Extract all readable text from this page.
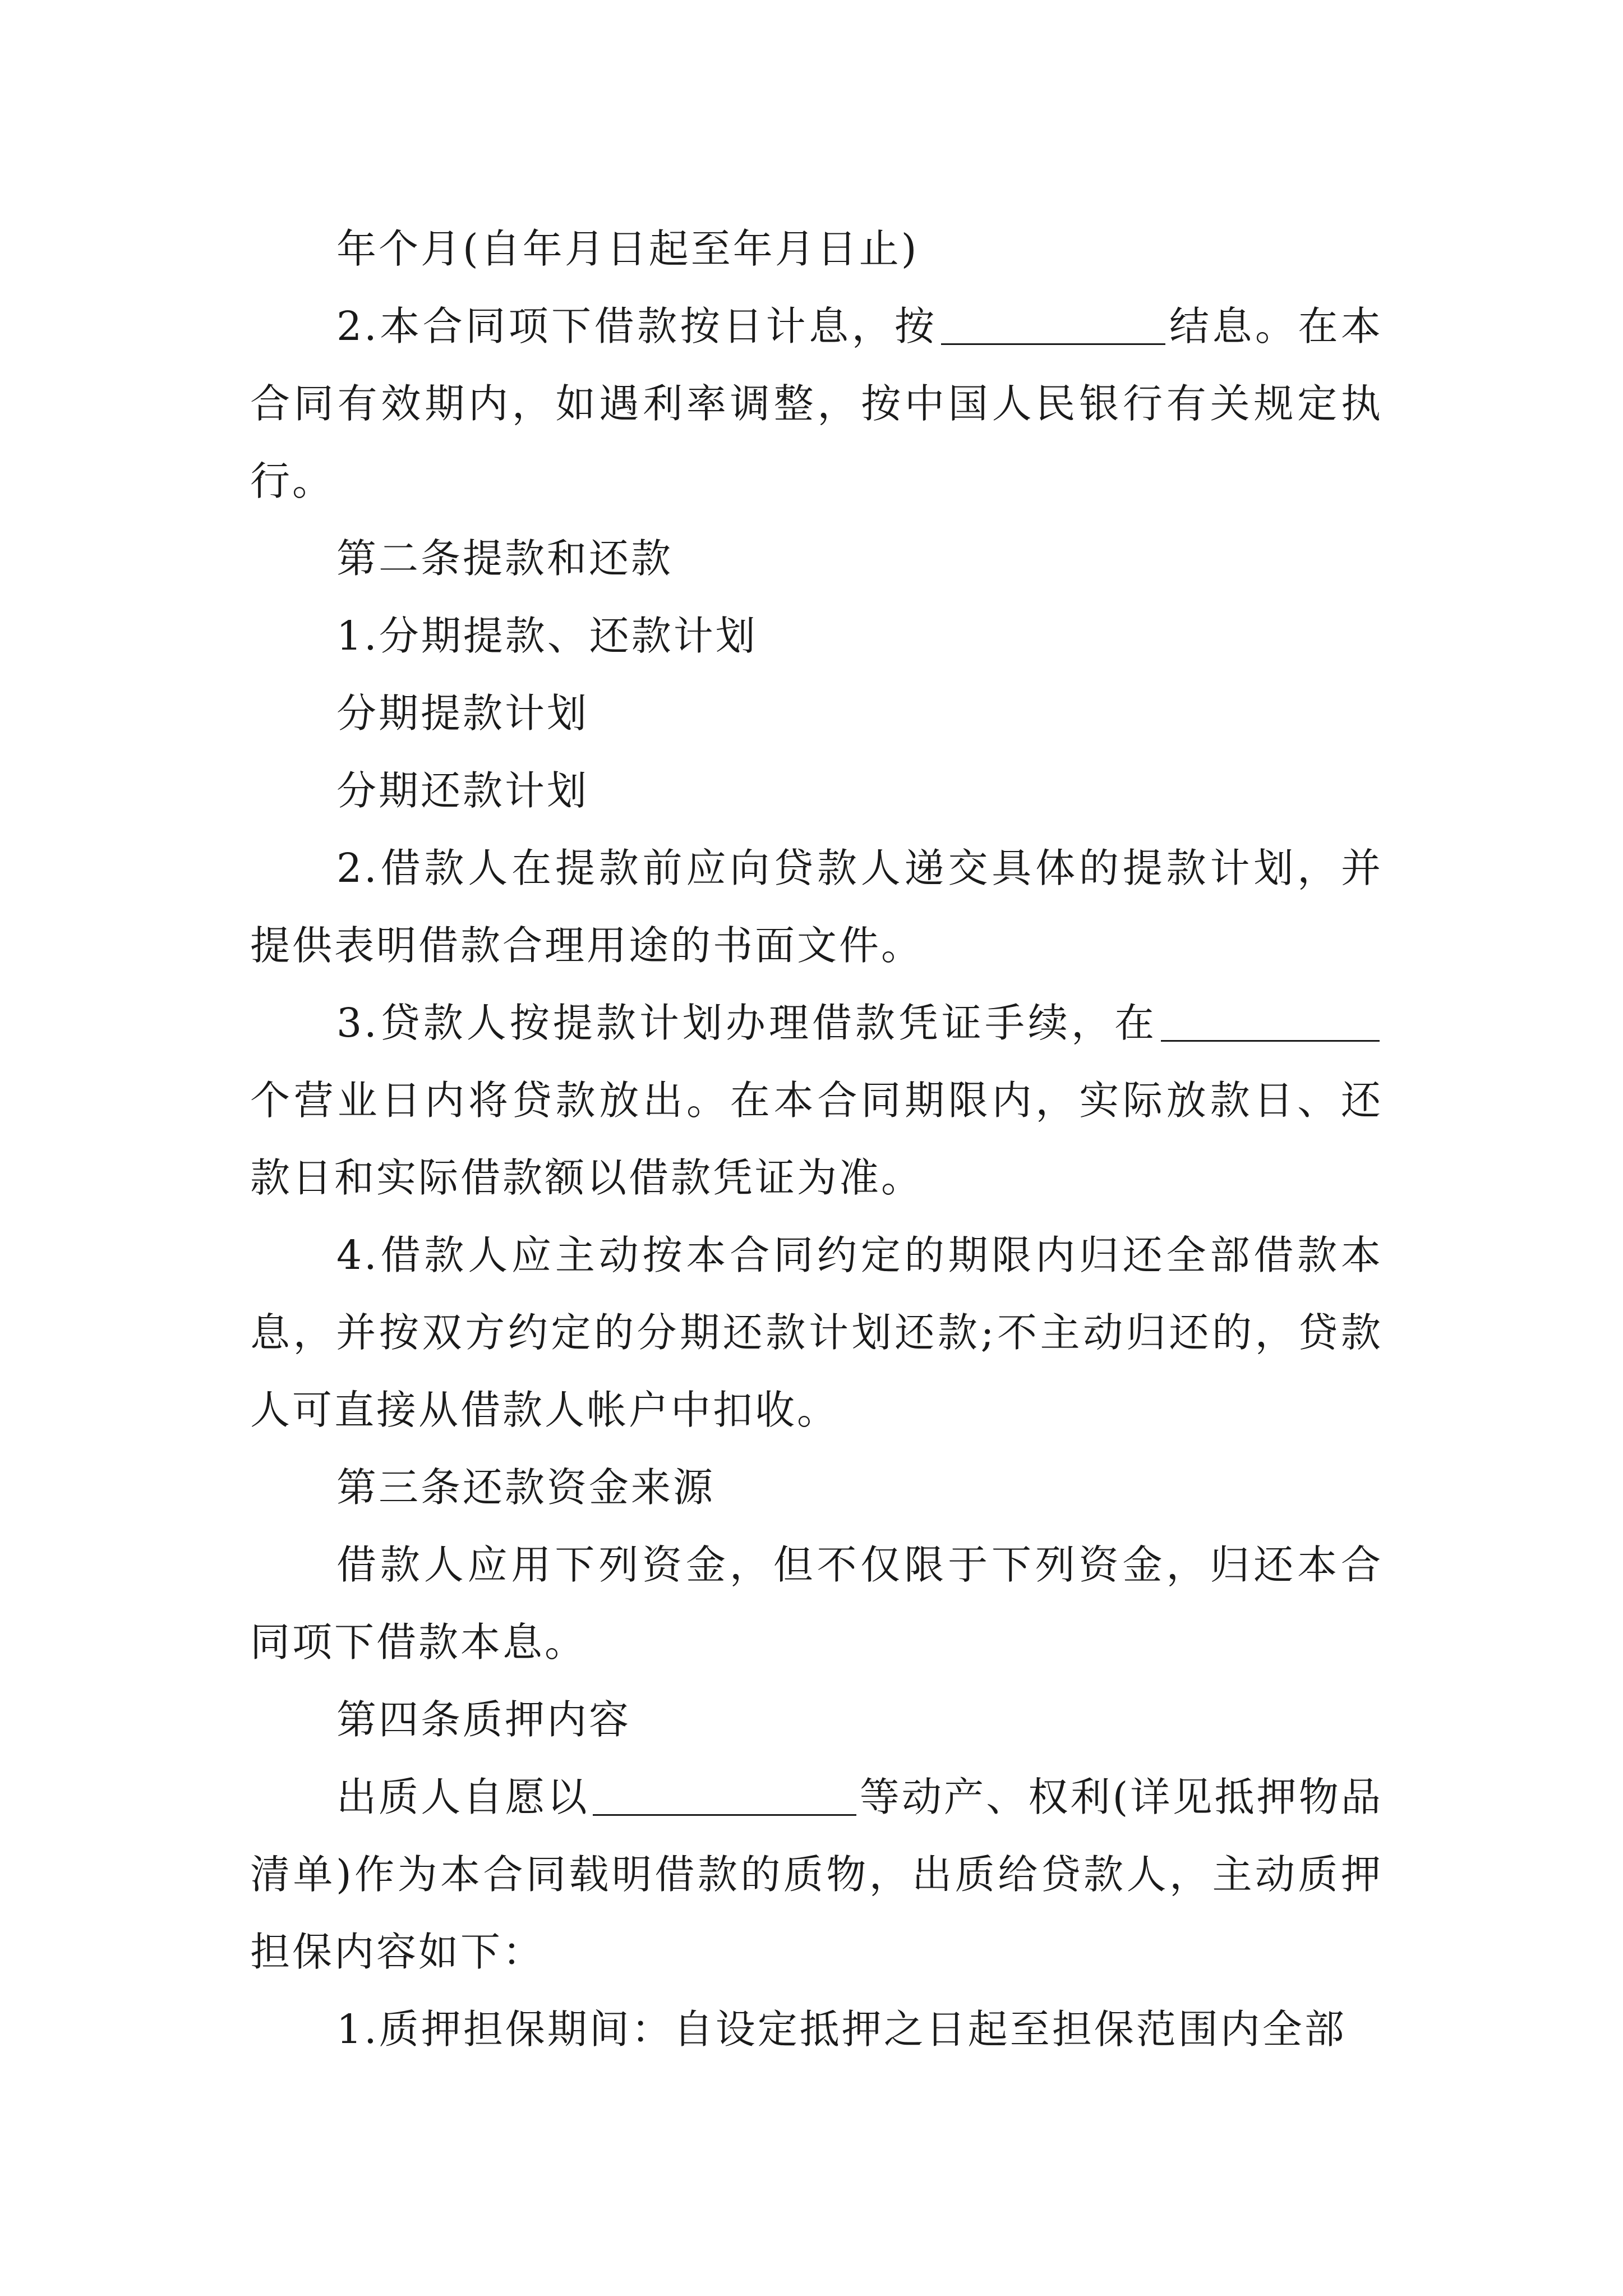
年个月(自年月日起至年月日止)

2.本合同项下借款按日计息，按	结息。在本合同有效期内，如遇利率调整，按中国人民银行有关规定执行。

第二条提款和还款

1.分期提款、还款计划

分期提款计划

分期还款计划

2.借款人在提款前应向贷款人递交具体的提款计划，并提供表明借款合理用途的书面文件。

3.贷款人按提款计划办理借款凭证手续，在个营业日内将贷款放出。在本合同期限内，实际放款日、还款日和实际借款额以借款凭证为准。

4.借款人应主动按本合同约定的期限内归还全部借款本息，并按双方约定的分期还款计划还款;不主动归还的，贷款人可直接从借款人帐户中扣收。

第三条还款资金来源

借款人应用下列资金，但不仅限于下列资金，归还本合同项下借款本息。

第四条质押内容

出质人自愿以	等动产、权利(详见抵押物品清单)作为本合同载明借款的质物，出质给贷款人，主动质押担保内容如下：

1.质押担保期间：自设定抵押之日起至担保范围内全部
